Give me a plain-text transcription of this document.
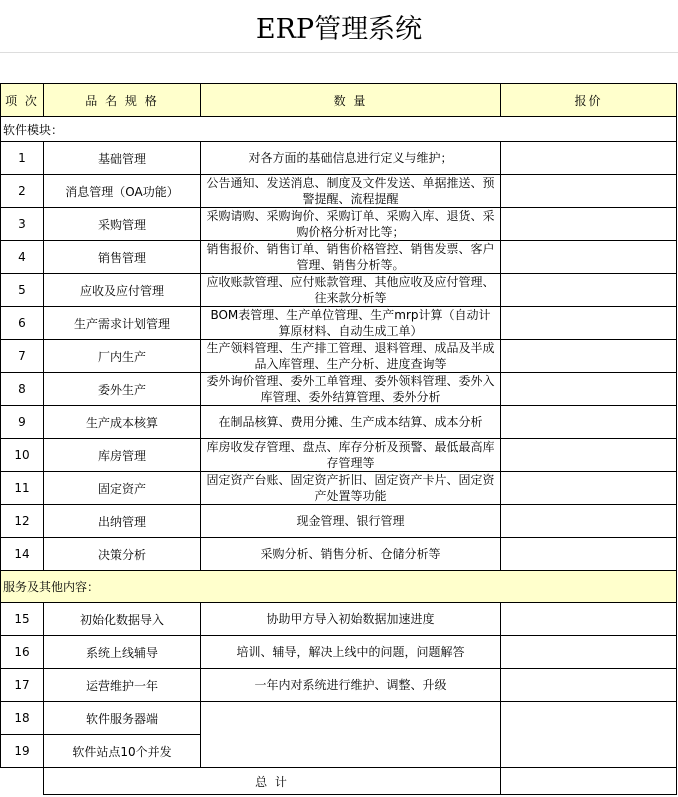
ERP管理系统
项 次	品 名 规 格	数 量	报价
软件模块：			
1	基础管理	对各方面的基础信息进行定义与维护；	
2	消息管理（OA功能）	公告通知、发送消息、制度及文件发送、单据推送、预警提醒、流程提醒	
3	采购管理	采购请购、采购询价、采购订单、采购入库、退货、采购价格分析对比等；	
4	销售管理	销售报价、销售订单、销售价格管控、销售发票、客户管理、销售分析等。	
5	应收及应付管理	应收账款管理、应付账款管理、其他应收及应付管理、往来款分析等	
6	生产需求计划管理	BOM表管理、生产单位管理、生产mrp计算（自动计算原材料、自动生成工单）	
7	厂内生产	生产领料管理、生产排工管理、退料管理、成品及半成品入库管理、生产分析、进度查询等	
8	委外生产	委外询价管理、委外工单管理、委外领料管理、委外入库管理、委外结算管理、委外分析	
9	生产成本核算	在制品核算、费用分摊、生产成本结算、成本分析	
10	库房管理	库房收发存管理、盘点、库存分析及预警、最低最高库存管理等	
11	固定资产	固定资产台账、固定资产折旧、固定资产卡片、固定资产处置等功能	
12	出纳管理	现金管理、银行管理	
14	决策分析	采购分析、销售分析、仓储分析等	
服务及其他内容：			
15	初始化数据导入	协助甲方导入初始数据加速进度	
16	系统上线辅导	培训、辅导，解决上线中的问题，问题解答	
17	运营维护一年	一年内对系统进行维护、调整、升级	
18	软件服务器端		
19	软件站点10个并发		
	总 计		
